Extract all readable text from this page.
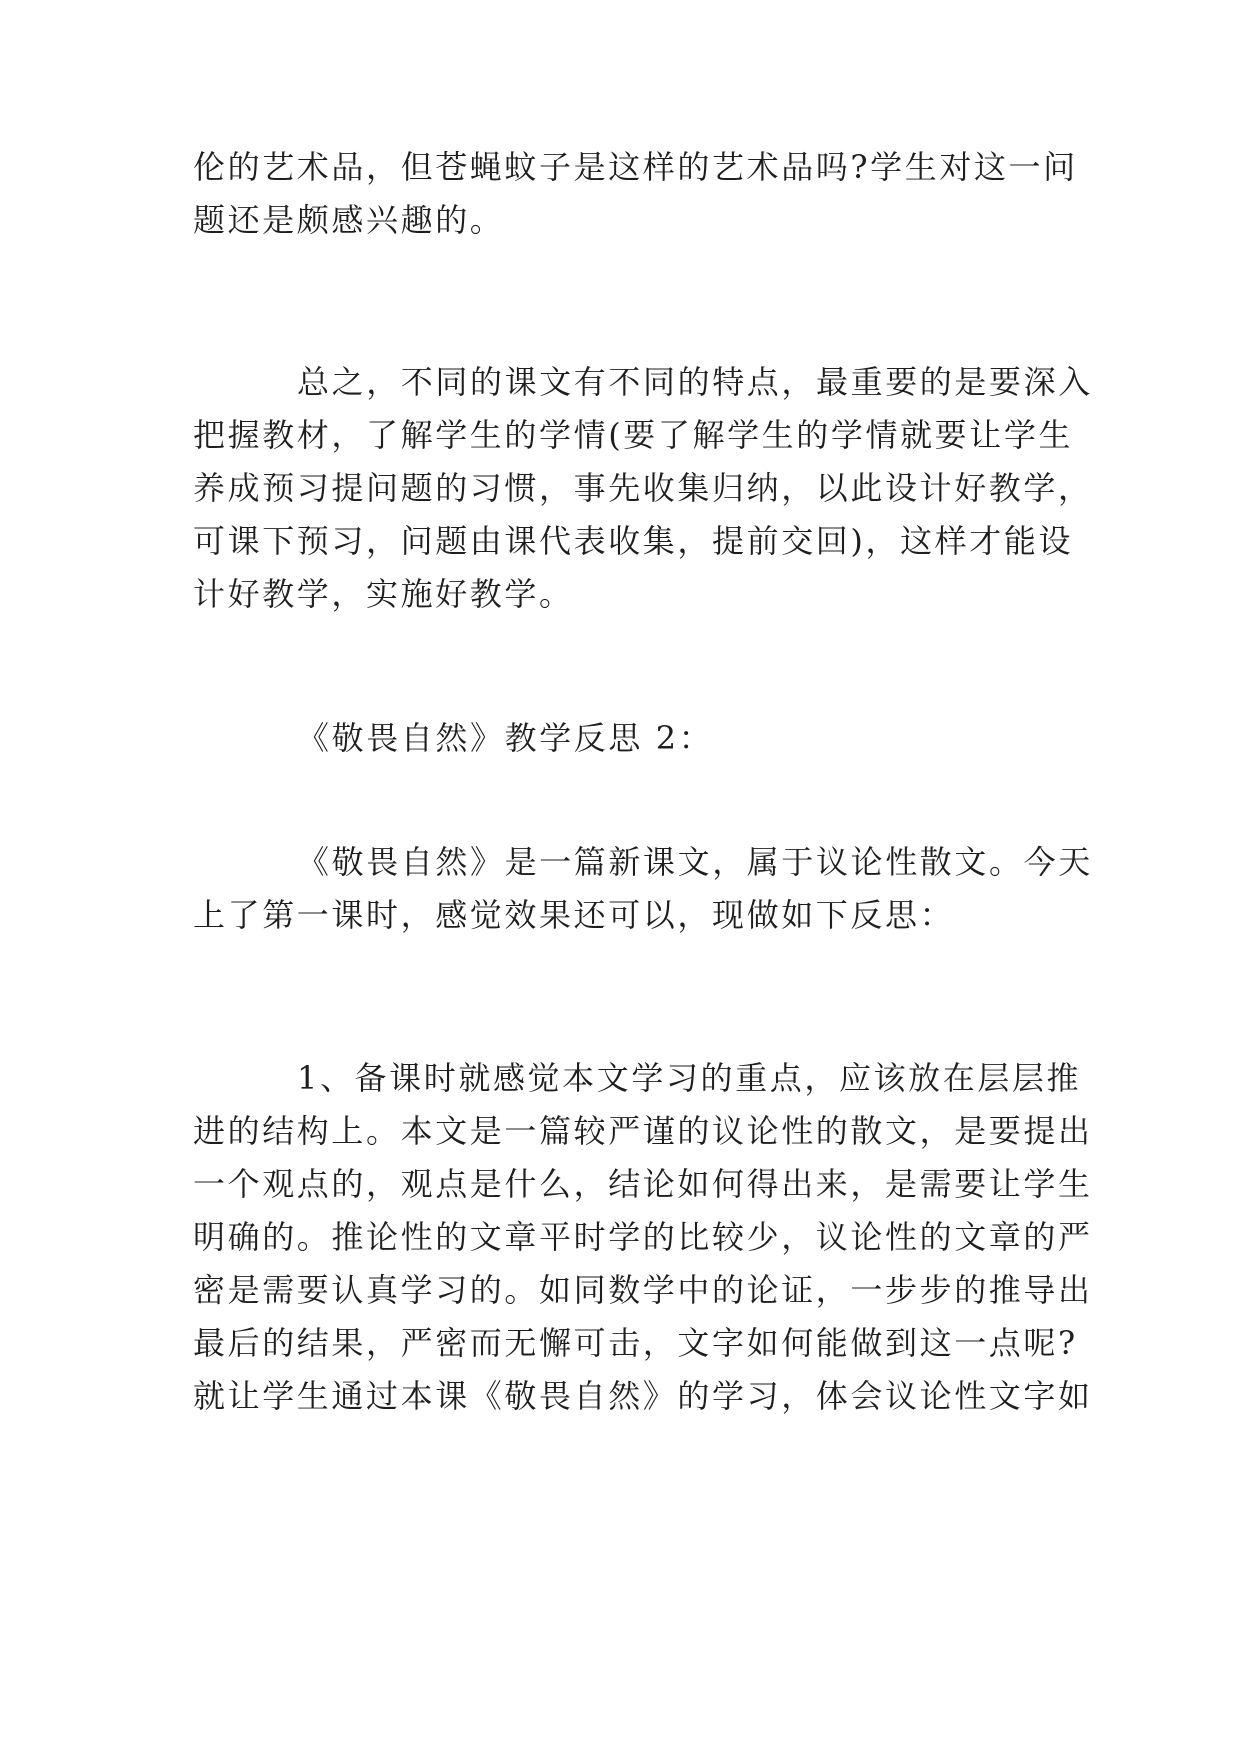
伦的艺术品，但苍蝇蚊子是这样的艺术品吗?学生对这一问
题还是颇感兴趣的。
总之，不同的课文有不同的特点，最重要的是要深入
把握教材，了解学生的学情(要了解学生的学情就要让学生
养成预习提问题的习惯，事先收集归纳，以此设计好教学，
可课下预习，问题由课代表收集，提前交回)，这样才能设
计好教学，实施好教学。
《敬畏自然》教学反思 2：
《敬畏自然》是一篇新课文，属于议论性散文。今天
上了第一课时，感觉效果还可以，现做如下反思：
1、备课时就感觉本文学习的重点，应该放在层层推
进的结构上。本文是一篇较严谨的议论性的散文，是要提出
一个观点的，观点是什么，结论如何得出来，是需要让学生
明确的。推论性的文章平时学的比较少，议论性的文章的严
密是需要认真学习的。如同数学中的论证，一步步的推导出
最后的结果，严密而无懈可击，文字如何能做到这一点呢?
就让学生通过本课《敬畏自然》的学习，体会议论性文字如
